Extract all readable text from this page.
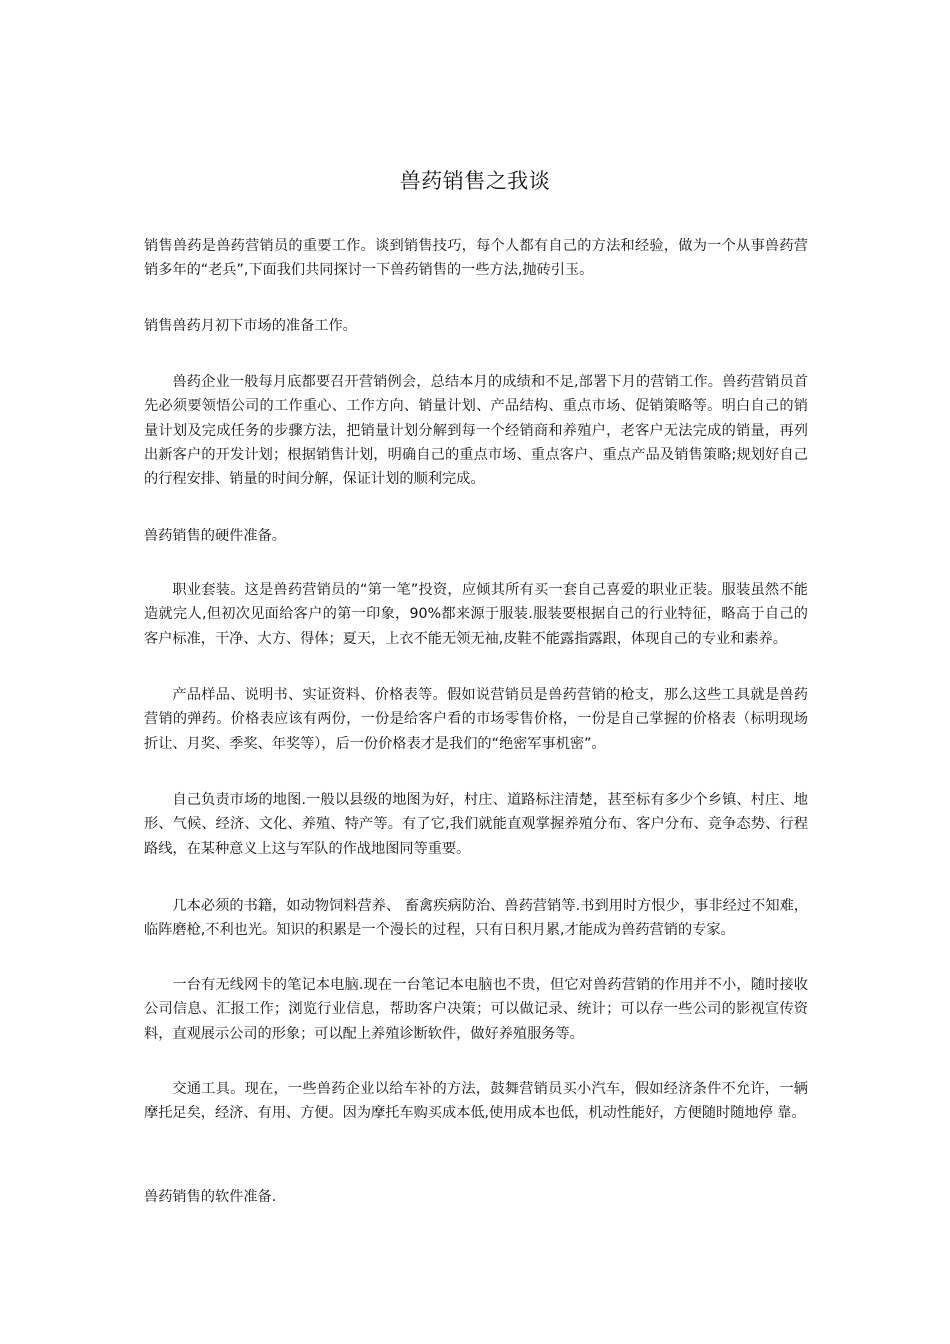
兽药销售之我谈

销售兽药是兽药营销员的重要工作。谈到销售技巧，每个人都有自己的方法和经验，做为一个从事兽药营销多年的“老兵”,下面我们共同探讨一下兽药销售的一些方法,抛砖引玉。

销售兽药月初下市场的准备工作。

兽药企业一般每月底都要召开营销例会，总结本月的成绩和不足,部署下月的营销工作。兽药营销员首先必须要领悟公司的工作重心、工作方向、销量计划、产品结构、重点市场、促销策略等。明白自己的销量计划及完成任务的步骤方法，把销量计划分解到每一个经销商和养殖户，老客户无法完成的销量，再列出新客户的开发计划；根据销售计划，明确自己的重点市场、重点客户、重点产品及销售策略;规划好自己的行程安排、销量的时间分解，保证计划的顺利完成。

兽药销售的硬件准备。

职业套装。这是兽药营销员的“第一笔”投资，应倾其所有买一套自己喜爱的职业正装。服装虽然不能造就完人,但初次见面给客户的第一印象，90%都来源于服装.服装要根据自己的行业特征，略高于自己的客户标准，干净、大方、得体；夏天，上衣不能无领无袖,皮鞋不能露指露跟，体现自己的专业和素养。

产品样品、说明书、实证资料、价格表等。假如说营销员是兽药营销的枪支，那么这些工具就是兽药营销的弹药。价格表应该有两份，一份是给客户看的市场零售价格，一份是自己掌握的价格表（标明现场折让、月奖、季奖、年奖等），后一份价格表才是我们的“绝密军事机密”。

自己负责市场的地图.一般以县级的地图为好，村庄、道路标注清楚，甚至标有多少个乡镇、村庄、地形、气候、经济、文化、养殖、特产等。有了它,我们就能直观掌握养殖分布、客户分布、竞争态势、行程路线，在某种意义上这与军队的作战地图同等重要。

几本必须的书籍，如动物饲料营养、 畜禽疾病防治、兽药营销等.书到用时方恨少，事非经过不知难，临阵磨枪,不利也光。知识的积累是一个漫长的过程，只有日积月累,才能成为兽药营销的专家。

一台有无线网卡的笔记本电脑.现在一台笔记本电脑也不贵，但它对兽药营销的作用并不小，随时接收公司信息、汇报工作；浏览行业信息，帮助客户决策；可以做记录、统计；可以存一些公司的影视宣传资料，直观展示公司的形象；可以配上养殖诊断软件，做好养殖服务等。

交通工具。现在，一些兽药企业以给车补的方法，鼓舞营销员买小汽车，假如经济条件不允许，一辆摩托足矣，经济、有用、方便。因为摩托车购买成本低,使用成本也低，机动性能好，方便随时随地停 靠。

兽药销售的软件准备.
